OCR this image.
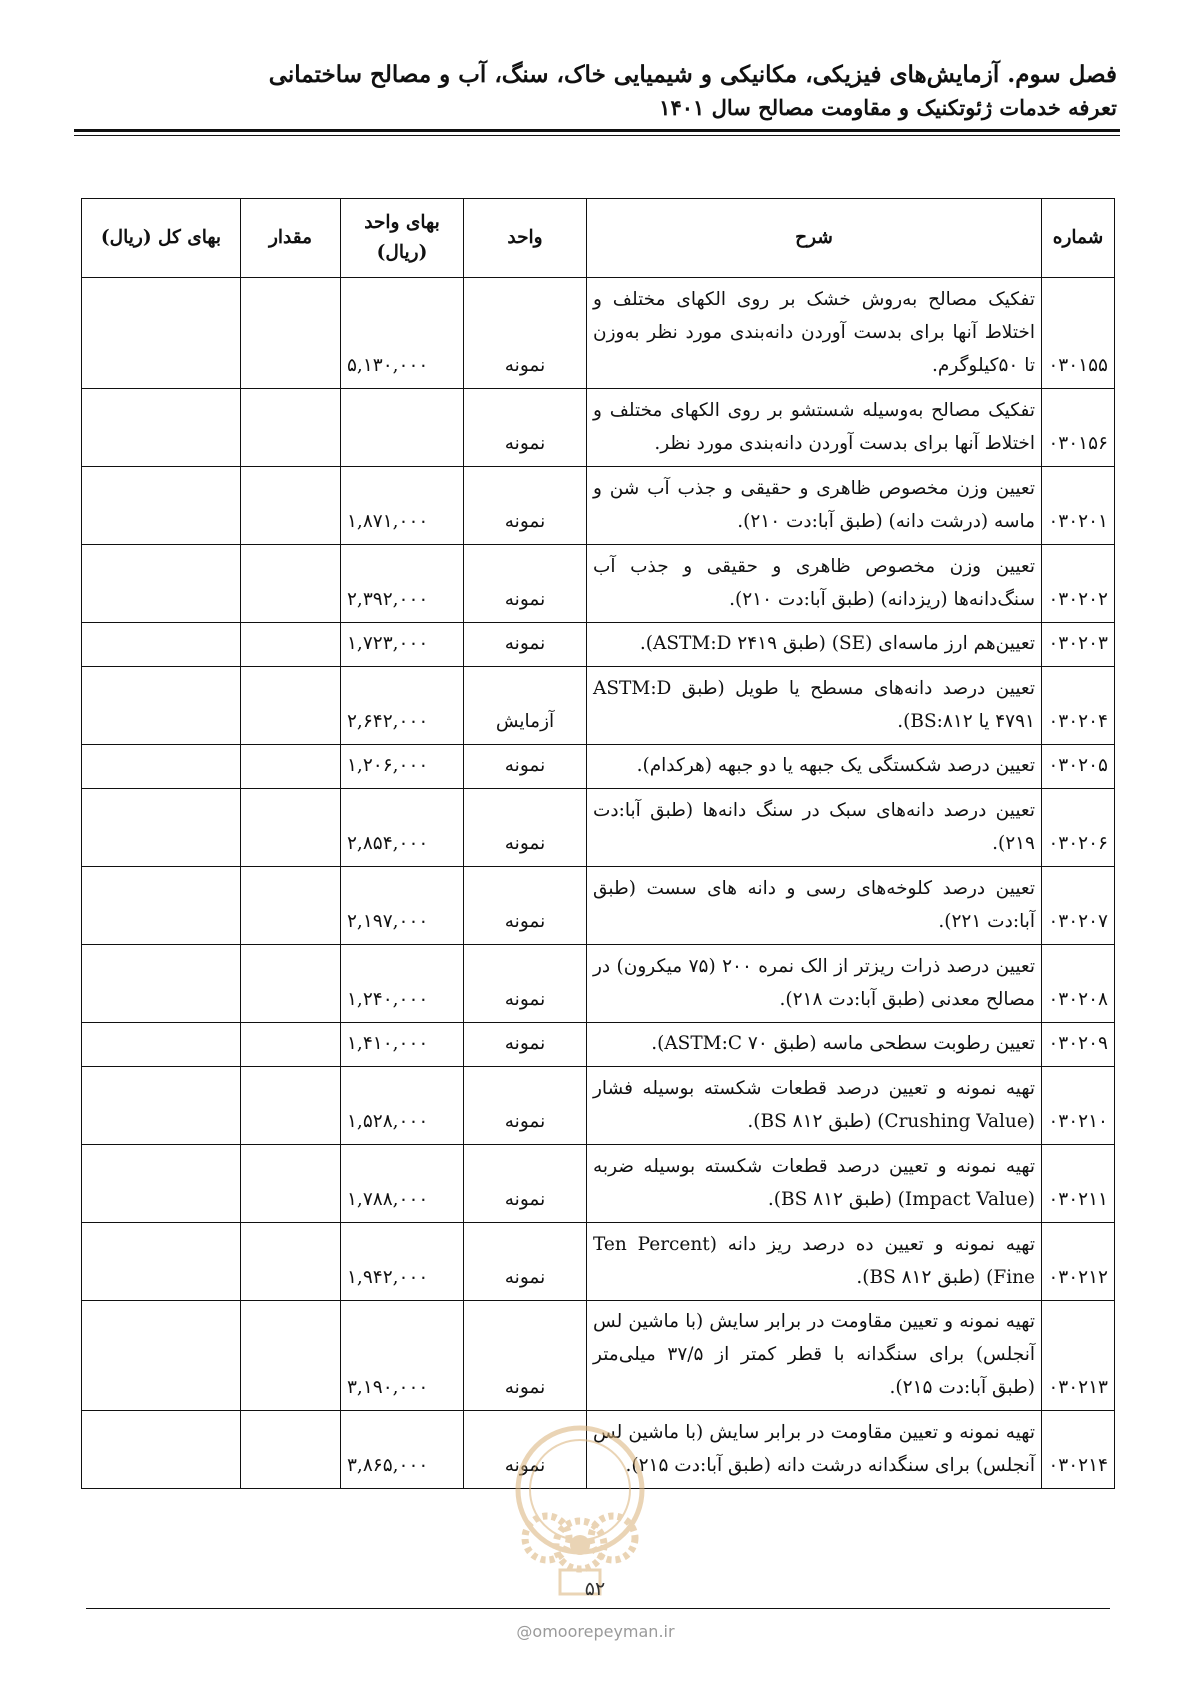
فصل سوم. آزمایش‌های فیزیکی، مکانیکی و شیمیایی خاک، سنگ، آب و مصالح ساختمانی
تعرفه خدمات ژئوتکنیک و مقاومت مصالح سال ۱۴۰۱
شماره	شرح	واحد	بهای واحد (ریال)	مقدار	بهای کل (ریال)
۰۳۰۱۵۵	تفکیک مصالح به‌روش خشک بر روی الکهای مختلف و اختلاط آنها برای بدست آوردن دانه‌بندی مورد نظر به‌وزن تا ۵۰کیلوگرم.	نمونه	۵,۱۳۰,۰۰۰		
۰۳۰۱۵۶	تفکیک مصالح به‌وسیله شستشو بر روی الکهای مختلف و اختلاط آنها برای بدست آوردن دانه‌بندی مورد نظر.	نمونه			
۰۳۰۲۰۱	تعیین وزن مخصوص ظاهری و حقیقی و جذب آب شن و ماسه (درشت دانه) (طبق آبا:دت ۲۱۰).	نمونه	۱,۸۷۱,۰۰۰		
۰۳۰۲۰۲	تعیین وزن مخصوص ظاهری و حقیقی و جذب آب سنگ‌دانه‌ها (ریزدانه) (طبق آبا:دت ۲۱۰).	نمونه	۲,۳۹۲,۰۰۰		
۰۳۰۲۰۳	تعیین‌هم ارز ماسه‌ای (SE) (طبق ASTM:D ۲۴۱۹).	نمونه	۱,۷۲۳,۰۰۰		
۰۳۰۲۰۴	تعیین درصد دانه‌های مسطح یا طویل (طبق ASTM:D ۴۷۹۱ یا BS:۸۱۲).	آزمایش	۲,۶۴۲,۰۰۰		
۰۳۰۲۰۵	تعیین درصد شکستگی یک جبهه یا دو جبهه (هرکدام).	نمونه	۱,۲۰۶,۰۰۰		
۰۳۰۲۰۶	تعیین درصد دانه‌های سبک در سنگ دانه‌ها (طبق آبا:دت ۲۱۹).	نمونه	۲,۸۵۴,۰۰۰		
۰۳۰۲۰۷	تعیین درصد کلوخه‌های رسی و دانه های سست (طبق آبا:دت ۲۲۱).	نمونه	۲,۱۹۷,۰۰۰		
۰۳۰۲۰۸	تعیین درصد ذرات ریزتر از الک نمره ۲۰۰ (۷۵ میکرون) در مصالح معدنی (طبق آبا:دت ۲۱۸).	نمونه	۱,۲۴۰,۰۰۰		
۰۳۰۲۰۹	تعیین رطوبت سطحی ماسه (طبق ASTM:C ۷۰).	نمونه	۱,۴۱۰,۰۰۰		
۰۳۰۲۱۰	تهیه نمونه و تعیین درصد قطعات شکسته بوسیله فشار (Crushing Value) (طبق BS ۸۱۲).	نمونه	۱,۵۲۸,۰۰۰		
۰۳۰۲۱۱	تهیه نمونه و تعیین درصد قطعات شکسته بوسیله ضربه (Impact Value) (طبق BS ۸۱۲).	نمونه	۱,۷۸۸,۰۰۰		
۰۳۰۲۱۲	تهیه نمونه و تعیین ده درصد ریز دانه (Ten Percent Fine) (طبق BS ۸۱۲).	نمونه	۱,۹۴۲,۰۰۰		
۰۳۰۲۱۳	تهیه نمونه و تعیین مقاومت در برابر سایش (با ماشین لس آنجلس) برای سنگدانه با قطر کمتر از ۳۷/۵ میلی‌متر (طبق آبا:دت ۲۱۵).	نمونه	۳,۱۹۰,۰۰۰		
۰۳۰۲۱۴	تهیه نمونه و تعیین مقاومت در برابر سایش (با ماشین لس آنجلس) برای سنگدانه درشت دانه (طبق آبا:دت ۲۱۵).	نمونه	۳,۸۶۵,۰۰۰		
۵۲
@omoorepeyman.ir
